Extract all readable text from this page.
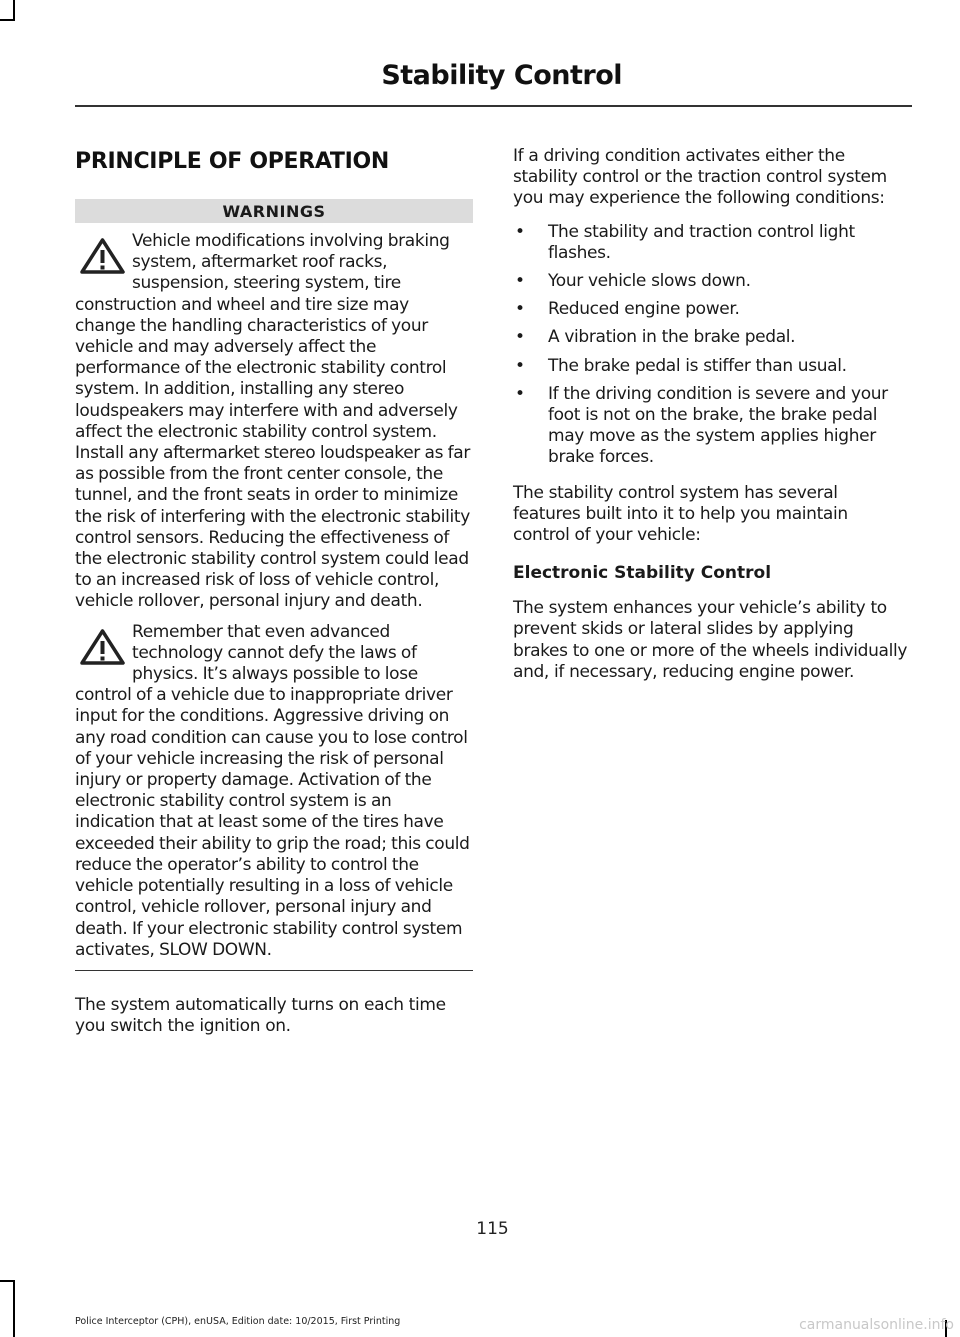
Stability Control
PRINCIPLE OF OPERATION
WARNINGS
Vehicle modifications involving braking system, aftermarket roof racks, suspension, steering system, tire construction and wheel and tire size may change the handling characteristics of your vehicle and may adversely affect the performance of the electronic stability control system. In addition, installing any stereo loudspeakers may interfere with and adversely affect the electronic stability control system. Install any aftermarket stereo loudspeaker as far as possible from the front center console, the tunnel, and the front seats in order to minimize the risk of interfering with the electronic stability control sensors. Reducing the effectiveness of the electronic stability control system could lead to an increased risk of loss of vehicle control, vehicle rollover, personal injury and death.
Remember that even advanced technology cannot defy the laws of physics. It’s always possible to lose control of a vehicle due to inappropriate driver input for the conditions. Aggressive driving on any road condition can cause you to lose control of your vehicle increasing the risk of personal injury or property damage. Activation of the electronic stability control system is an indication that at least some of the tires have exceeded their ability to grip the road; this could reduce the operator’s ability to control the vehicle potentially resulting in a loss of vehicle control, vehicle rollover, personal injury and death. If your electronic stability control system activates, SLOW DOWN.

The system automatically turns on each time you switch the ignition on.

If a driving condition activates either the stability control or the traction control system you may experience the following conditions:

• The stability and traction control light flashes.
• Your vehicle slows down.
• Reduced engine power.
• A vibration in the brake pedal.
• The brake pedal is stiffer than usual.
• If the driving condition is severe and your foot is not on the brake, the brake pedal may move as the system applies higher brake forces.

The stability control system has several features built into it to help you maintain control of your vehicle:

Electronic Stability Control

The system enhances your vehicle’s ability to prevent skids or lateral slides by applying brakes to one or more of the wheels individually and, if necessary, reducing engine power.

115
Police Interceptor (CPH), enUSA, Edition date: 10/2015, First Printing	carmanualsonline.info
